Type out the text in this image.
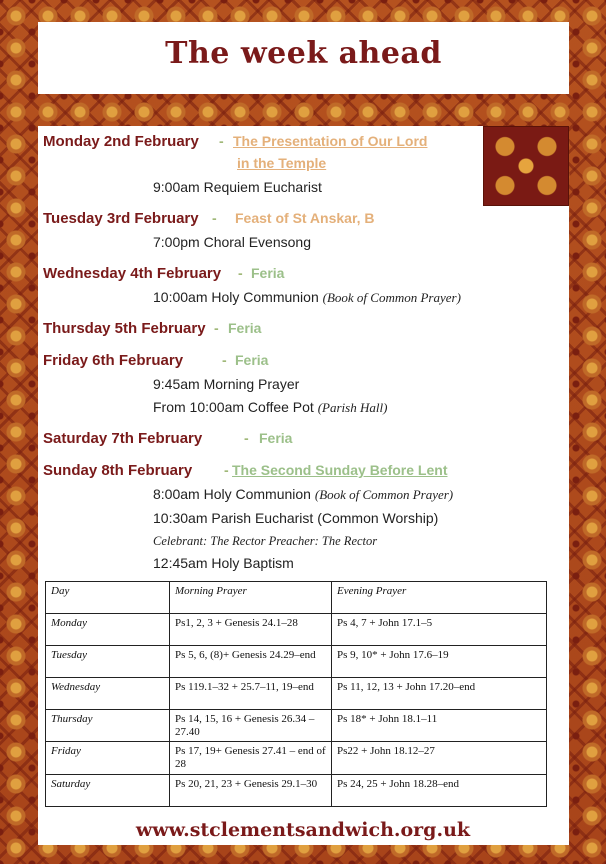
The week ahead
Monday 2nd February - The Presentation of Our Lord
in the Temple
9:00am Requiem Eucharist
Tuesday 3rd February - Feast of St Anskar, B
7:00pm Choral Evensong
Wednesday 4th February - Feria
10:00am Holy Communion (Book of Common Prayer)
Thursday 5th February - Feria
Friday 6th February	- Feria
9:45am Morning Prayer
From 10:00am Coffee Pot (Parish Hall)
Saturday 7th February	- Feria
Sunday 8th February - The Second Sunday Before Lent
8:00am Holy Communion (Book of Common Prayer)
10:30am Parish Eucharist (Common Worship)
Celebrant: The Rector Preacher: The Rector
12:45am Holy Baptism
Day	Morning Prayer	Evening Prayer
Monday	Ps1, 2, 3 + Genesis 24.1–28	Ps 4, 7 + John 17.1–5
Tuesday	Ps 5, 6, (8)+ Genesis 24.29–end	Ps 9, 10* + John 17.6–19
Wednesday	Ps 119.1–32 + 25.7–11, 19–end	Ps 11, 12, 13 + John 17.20–end
Thursday	Ps 14, 15, 16 + Genesis 26.34 –27.40	Ps 18* + John 18.1–11
Friday	Ps 17, 19+ Genesis 27.41 – end of 28	Ps22 + John 18.12–27
Saturday	Ps 20, 21, 23 + Genesis 29.1–30	Ps 24, 25 + John 18.28–end
www.stclementsandwich.org.uk
